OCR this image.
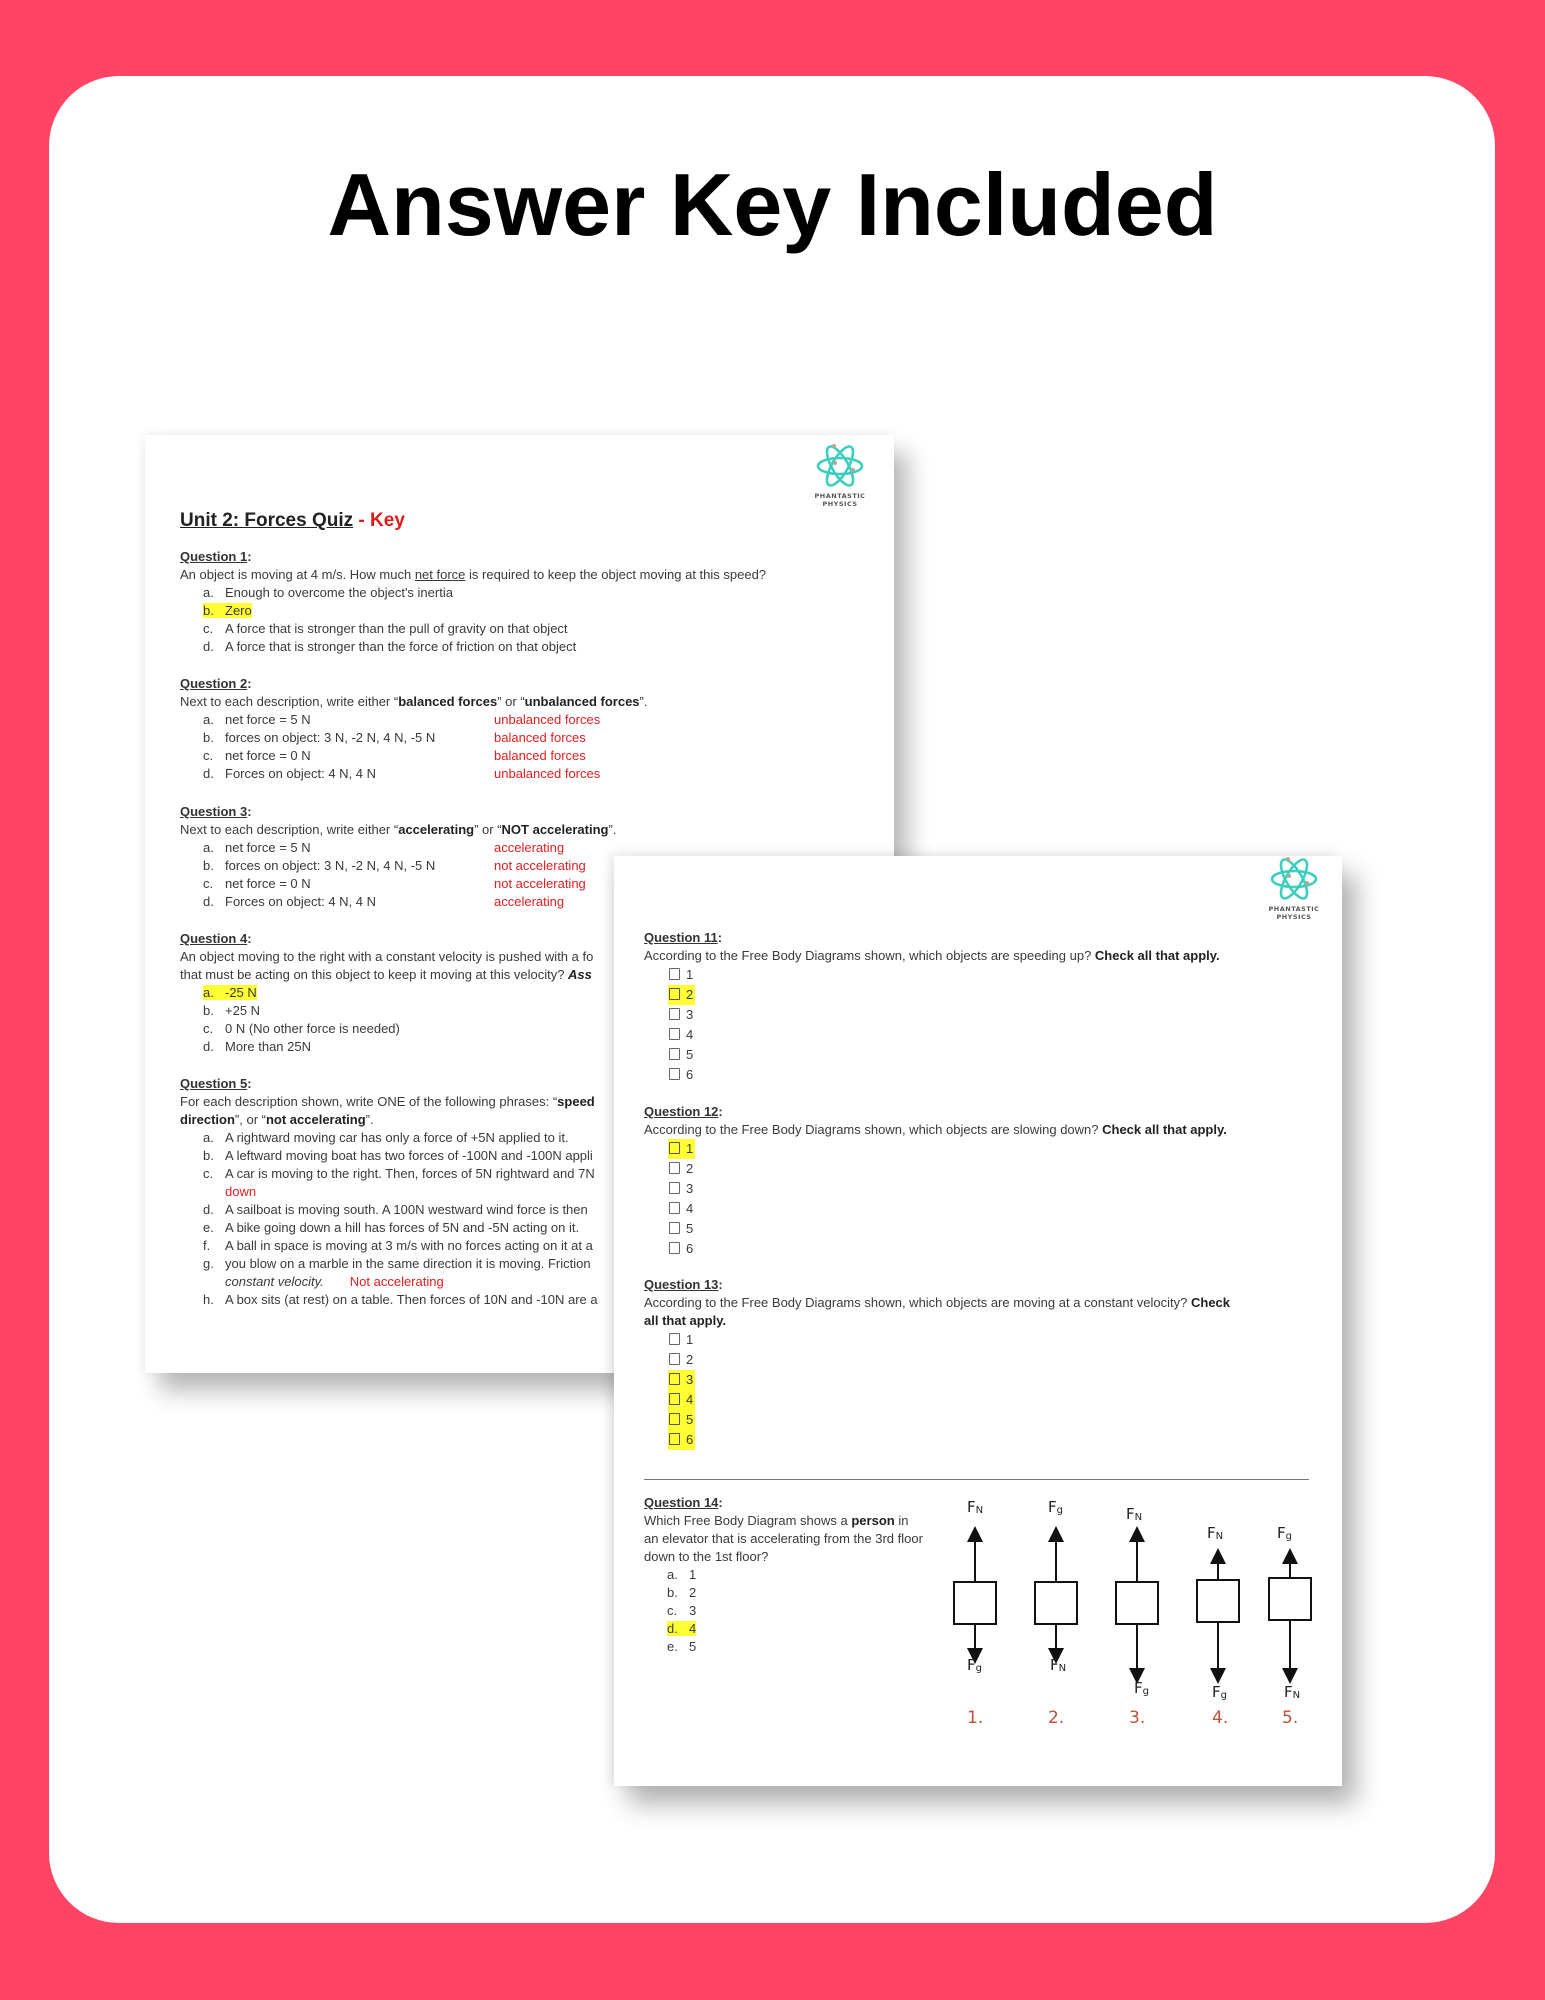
Answer Key Included
PHANTASTIC
PHYSICS
Unit 2: Forces Quiz - Key
Question 1:
An object is moving at 4 m/s. How much net force is required to keep the object moving at this speed?
a. Enough to overcome the object's inertia
b. Zero
c. A force that is stronger than the pull of gravity on that object
d. A force that is stronger than the force of friction on that object
Question 2:
Next to each description, write either “balanced forces” or “unbalanced forces”.
a. net force = 5 N	unbalanced forces
b. forces on object: 3 N, -2 N, 4 N, -5 N	balanced forces
c. net force = 0 N	balanced forces
d. Forces on object: 4 N, 4 N	unbalanced forces
Question 3:
Next to each description, write either “accelerating” or “NOT accelerating”.
a. net force = 5 N	accelerating
b. forces on object: 3 N, -2 N, 4 N, -5 N	not accelerating
c. net force = 0 N	not accelerating
d. Forces on object: 4 N, 4 N	accelerating
Question 4:
An object moving to the right with a constant velocity is pushed with a fo
that must be acting on this object to keep it moving at this velocity? Ass
a. -25 N
b. +25 N
c. 0 N (No other force is needed)
d. More than 25N
Question 5:
For each description shown, write ONE of the following phrases: “speed
direction”, or “not accelerating”.
a. A rightward moving car has only a force of +5N applied to it.
b. A leftward moving boat has two forces of -100N and -100N appli
c. A car is moving to the right. Then, forces of 5N rightward and 7N
down
d. A sailboat is moving south. A 100N westward wind force is then
e. A bike going down a hill has forces of 5N and -5N acting on it.
f. A ball in space is moving at 3 m/s with no forces acting on it at a
g. you blow on a marble in the same direction it is moving. Friction
constant velocity. Not accelerating
h. A box sits (at rest) on a table. Then forces of 10N and -10N are a
PHANTASTIC
PHYSICS
Question 11:
According to the Free Body Diagrams shown, which objects are speeding up? Check all that apply.
1
2
3
4
5
6
Question 12:
According to the Free Body Diagrams shown, which objects are slowing down? Check all that apply.
1
2
3
4
5
6
Question 13:
According to the Free Body Diagrams shown, which objects are moving at a constant velocity? Check
all that apply.
1
2
3
4
5
6
Question 14:
Which Free Body Diagram shows a person in
an elevator that is accelerating from the 3rd floor
down to the 1st floor?
a. 1
b. 2
c. 3
d. 4
e. 5
$F_N$
$F_g$
1.
$F_g$
$F_N$
2.
$F_N$
$F_g$
3.
$F_N$
$F_g$
4.
$F_g$
$F_N$
5.
